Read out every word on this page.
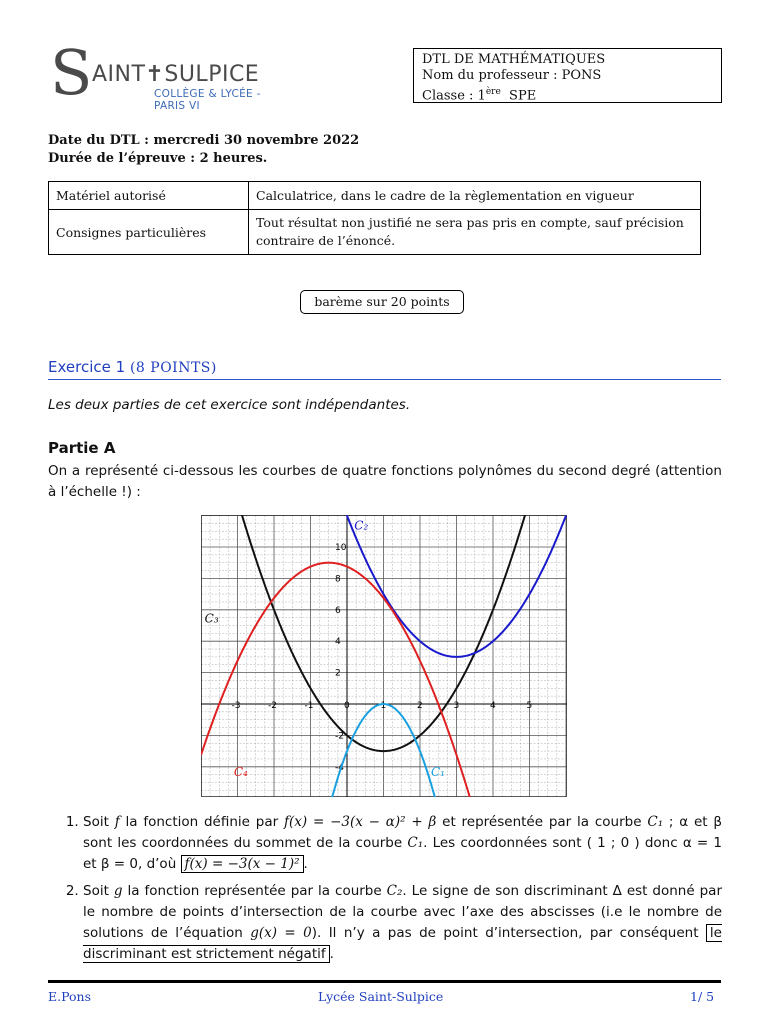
S AINT✝SULPICE
COLLÈGE & LYCÉE - PARIS VI
DTL DE MATHÉMATIQUES
Nom du professeur : PONS
Classe : 1ère  SPE
Date du DTL : mercredi 30 novembre 2022
Durée de l’épreuve : 2 heures.
Matériel autorisé	Calculatrice, dans le cadre de la règlementation en vigueur
Consignes particulières	Tout résultat non justifié ne sera pas pris en compte, sauf précision contraire de l’énoncé.
barème sur 20 points
Exercice 1 (8 POINTS)
Les deux parties de cet exercice sont indépendantes.
Partie A
On a représenté ci-dessous les courbes de quatre fonctions polynômes du second degré (attention à l’échelle !) :
-3	-2	-1	0	1	2	3	4	5
-4
-2
2
4
6
8
10
C₃
C₂
C₄	C₁
1. Soit f la fonction définie par f(x) = −3(x − α)² + β et représentée par la courbe C₁ ; α et β sont les coordonnées du sommet de la courbe C₁. Les coordonnées sont ( 1 ; 0 ) donc α = 1 et β = 0, d’où f(x) = −3(x − 1)² .
2. Soit g la fonction représentée par la courbe C₂. Le signe de son discriminant Δ est donné par le nombre de points d’intersection de la courbe avec l’axe des abscisses (i.e le nombre de solutions de l’équation g(x) = 0). Il n’y a pas de point d’intersection, par conséquent le discriminant est strictement négatif .
E.Pons	Lycée Saint-Sulpice	1/ 5
